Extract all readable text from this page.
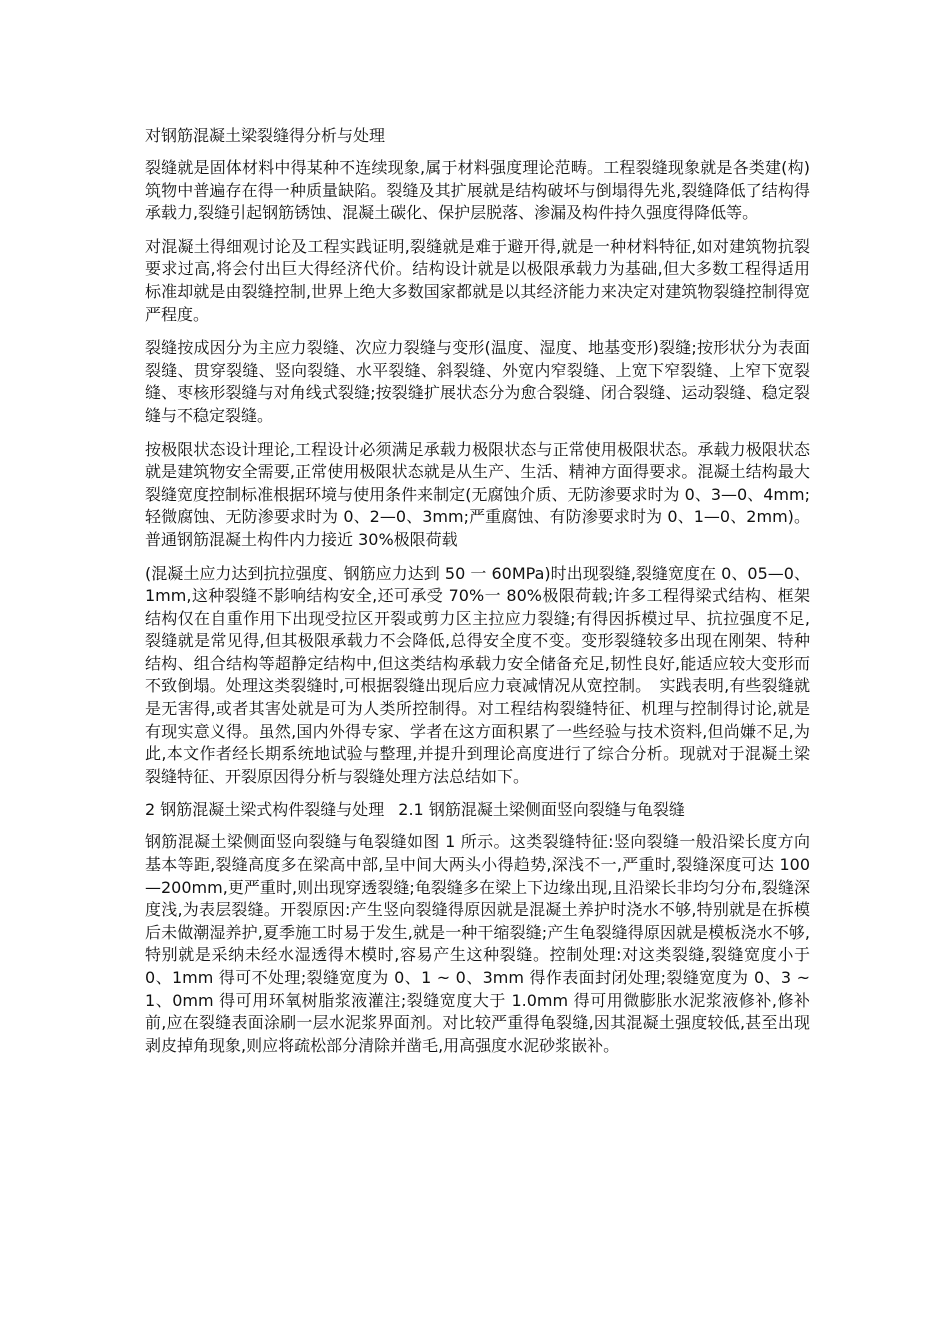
对钢筋混凝土梁裂缝得分析与处理

裂缝就是固体材料中得某种不连续现象,属于材料强度理论范畴。工程裂缝现象就是各类建(构)筑物中普遍存在得一种质量缺陷。裂缝及其扩展就是结构破坏与倒塌得先兆,裂缝降低了结构得承载力,裂缝引起钢筋锈蚀、混凝土碳化、保护层脱落、渗漏及构件持久强度得降低等。

对混凝土得细观讨论及工程实践证明,裂缝就是难于避开得,就是一种材料特征,如对建筑物抗裂要求过高,将会付出巨大得经济代价。结构设计就是以极限承载力为基础,但大多数工程得适用标准却就是由裂缝控制,世界上绝大多数国家都就是以其经济能力来决定对建筑物裂缝控制得宽严程度。

裂缝按成因分为主应力裂缝、次应力裂缝与变形(温度、湿度、地基变形)裂缝;按形状分为表面裂缝、贯穿裂缝、竖向裂缝、水平裂缝、斜裂缝、外宽内窄裂缝、上宽下窄裂缝、上窄下宽裂缝、枣核形裂缝与对角线式裂缝;按裂缝扩展状态分为愈合裂缝、闭合裂缝、运动裂缝、稳定裂缝与不稳定裂缝。

按极限状态设计理论,工程设计必须满足承载力极限状态与正常使用极限状态。承载力极限状态就是建筑物安全需要,正常使用极限状态就是从生产、生活、精神方面得要求。混凝土结构最大裂缝宽度控制标准根据环境与使用条件来制定(无腐蚀介质、无防渗要求时为 0、3—0、4mm;轻微腐蚀、无防渗要求时为 0、2—0、3mm;严重腐蚀、有防渗要求时为 0、1—0、2mm)。普通钢筋混凝土构件内力接近 30%极限荷载

(混凝土应力达到抗拉强度、钢筋应力达到 50 一 60MPa)时出现裂缝,裂缝宽度在 0、05—0、1mm,这种裂缝不影响结构安全,还可承受 70%一 80%极限荷载;许多工程得梁式结构、框架结构仅在自重作用下出现受拉区开裂或剪力区主拉应力裂缝;有得因拆模过早、抗拉强度不足,裂缝就是常见得,但其极限承载力不会降低,总得安全度不变。变形裂缝较多出现在刚架、特种结构、组合结构等超静定结构中,但这类结构承载力安全储备充足,韧性良好,能适应较大变形而不致倒塌。处理这类裂缝时,可根据裂缝出现后应力衰减情况从宽控制。　实践表明,有些裂缝就是无害得,或者其害处就是可为人类所控制得。对工程结构裂缝特征、机理与控制得讨论,就是有现实意义得。虽然,国内外得专家、学者在这方面积累了一些经验与技术资料,但尚嫌不足,为此,本文作者经长期系统地试验与整理,并提升到理论高度进行了综合分析。现就对于混凝土梁裂缝特征、开裂原因得分析与裂缝处理方法总结如下。

2 钢筋混凝土梁式构件裂缝与处理 2.1 钢筋混凝土梁侧面竖向裂缝与龟裂缝

钢筋混凝土梁侧面竖向裂缝与龟裂缝如图 1 所示。这类裂缝特征:竖向裂缝一般沿梁长度方向基本等距,裂缝高度多在梁高中部,呈中间大两头小得趋势,深浅不一,严重时,裂缝深度可达 100—200mm,更严重时,则出现穿透裂缝;龟裂缝多在梁上下边缘出现,且沿梁长非均匀分布,裂缝深度浅,为表层裂缝。开裂原因:产生竖向裂缝得原因就是混凝土养护时浇水不够,特别就是在拆模后未做潮湿养护,夏季施工时易于发生,就是一种干缩裂缝;产生龟裂缝得原因就是模板浇水不够,特别就是采纳未经水湿透得木模时,容易产生这种裂缝。控制处理:对这类裂缝,裂缝宽度小于 0、1mm 得可不处理;裂缝宽度为 0、1 ~ 0、3mm 得作表面封闭处理;裂缝宽度为 0、3 ~ 1、0mm 得可用环氧树脂浆液灌注;裂缝宽度大于 1.0mm 得可用微膨胀水泥浆液修补,修补前,应在裂缝表面涂刷一层水泥浆界面剂。对比较严重得龟裂缝,因其混凝土强度较低,甚至出现剥皮掉角现象,则应将疏松部分清除并凿毛,用高强度水泥砂浆嵌补。
